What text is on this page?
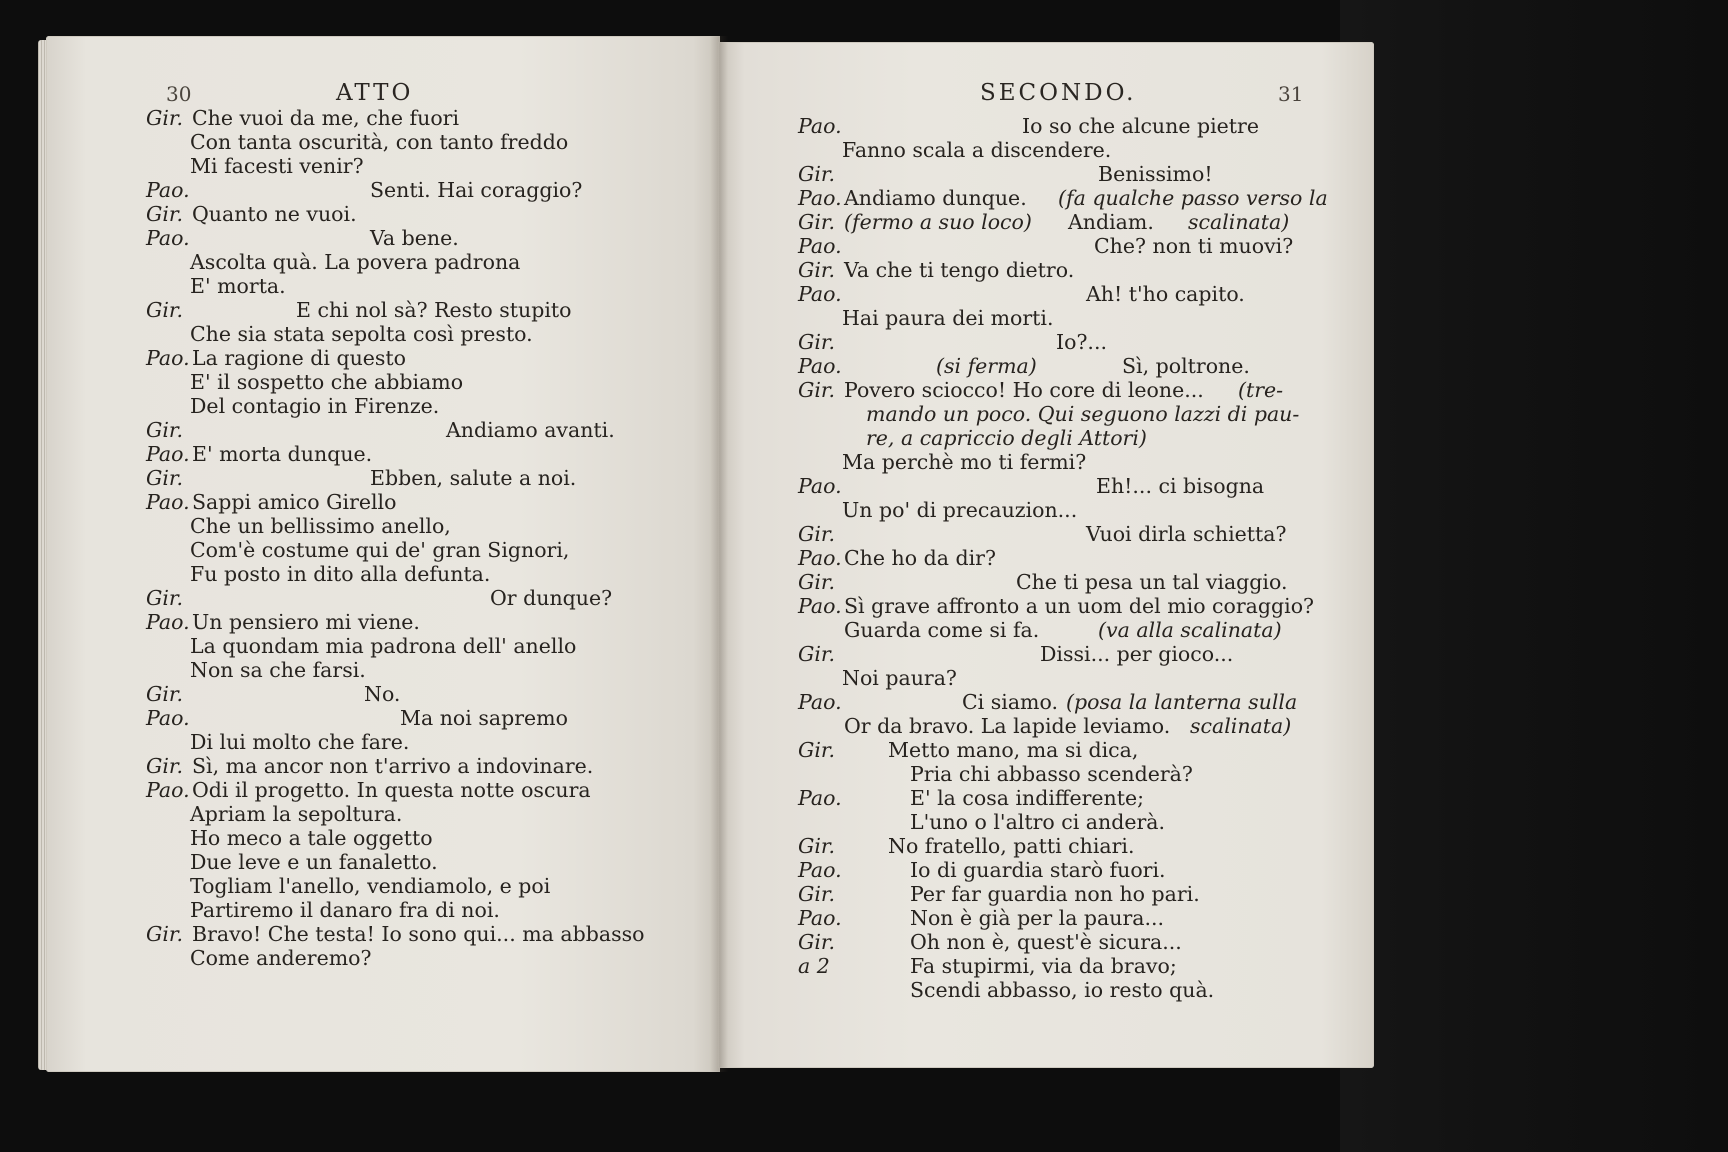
30	ATTO
Gir. Che vuoi da me, che fuori
Con tanta oscurità, con tanto freddo
Mi facesti venir?
Pao.	Senti. Hai coraggio?
Gir. Quanto ne vuoi.
Pao.	Va bene.
Ascolta quà. La povera padrona
E' morta.
Gir.	E chi nol sà? Resto stupito
Che sia stata sepolta così presto.
Pao. La ragione di questo
E' il sospetto che abbiamo
Del contagio in Firenze.
Gir.	Andiamo avanti.
Pao. E' morta dunque.
Gir.	Ebben, salute a noi.
Pao. Sappi amico Girello
Che un bellissimo anello,
Com'è costume qui de' gran Signori,
Fu posto in dito alla defunta.
Gir.	Or dunque?
Pao. Un pensiero mi viene.
La quondam mia padrona dell' anello
Non sa che farsi.
Gir.	No.
Pao.	Ma noi sapremo
Di lui molto che fare.
Gir. Sì, ma ancor non t'arrivo a indovinare.
Pao. Odi il progetto. In questa notte oscura
Apriam la sepoltura.
Ho meco a tale oggetto
Due leve e un fanaletto.
Togliam l'anello, vendiamolo, e poi
Partiremo il danaro fra di noi.
Gir. Bravo! Che testa! Io sono qui... ma abbasso
Come anderemo?
SECONDO.	31
Pao.	Io so che alcune pietre
Fanno scala a discendere.
Gir.	Benissimo!
Pao. Andiamo dunque. (fa qualche passo verso la
Gir. (fermo a suo loco) Andiam. scalinata)
Pao.	Che? non ti muovi?
Gir. Va che ti tengo dietro.
Pao.	Ah! t'ho capito.
Hai paura dei morti.
Gir.	Io?...
Pao.	(si ferma)	Sì, poltrone.
Gir. Povero sciocco! Ho core di leone... (tre-
mando un poco. Qui seguono lazzi di pau-
re, a capriccio degli Attori)
Ma perchè mo ti fermi?
Pao.	Eh!... ci bisogna
Un po' di precauzion...
Gir.	Vuoi dirla schietta?
Pao. Che ho da dir?
Gir.	Che ti pesa un tal viaggio.
Pao. Sì grave affronto a un uom del mio coraggio?
Guarda come si fa.	(va alla scalinata)
Gir.	Dissi... per gioco...
Noi paura?
Pao.	Ci siamo. (posa la lanterna sulla
Or da bravo. La lapide leviamo. scalinata)
Gir.	Metto mano, ma si dica,
Pria chi abbasso scenderà?
Pao.	E' la cosa indifferente;
L'uno o l'altro ci anderà.
Gir.	No fratello, patti chiari.
Pao.	Io di guardia starò fuori.
Gir.	Per far guardia non ho pari.
Pao.	Non è già per la paura...
Gir.	Oh non è, quest'è sicura...
a 2	Fa stupirmi, via da bravo;
Scendi abbasso, io resto quà.
